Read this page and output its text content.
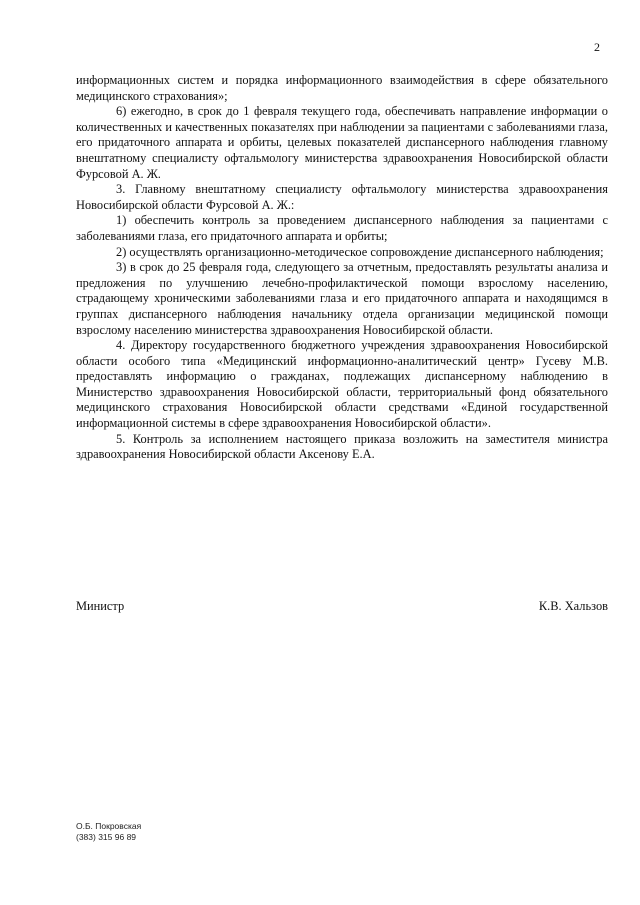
2

информационных систем и порядка информационного взаимодействия в сфере обязательного медицинского страхования»;

6) ежегодно, в срок до 1 февраля текущего года, обеспечивать направление информации о количественных и качественных показателях при наблюдении за пациентами с заболеваниями глаза, его придаточного аппарата и орбиты, целевых показателей диспансерного наблюдения главному внештатному специалисту офтальмологу министерства здравоохранения Новосибирской области Фурсовой А. Ж.

3. Главному внештатному специалисту офтальмологу министерства здравоохранения Новосибирской области Фурсовой А. Ж.:

1) обеспечить контроль за проведением диспансерного наблюдения за пациентами с заболеваниями глаза, его придаточного аппарата и орбиты;

2) осуществлять организационно-методическое сопровождение диспансерного наблюдения;

3) в срок до 25 февраля года, следующего за отчетным, предоставлять результаты анализа и предложения по улучшению лечебно-профилактической помощи взрослому населению, страдающему хроническими заболеваниями глаза и его придаточного аппарата и находящимся в группах диспансерного наблюдения начальнику отдела организации медицинской помощи взрослому населению министерства здравоохранения Новосибирской области.

4. Директору государственного бюджетного учреждения здравоохранения Новосибирской области особого типа «Медицинский информационно-аналитический центр» Гусеву М.В. предоставлять информацию о гражданах, подлежащих диспансерному наблюдению в Министерство здравоохранения Новосибирской области, территориальный фонд обязательного медицинского страхования Новосибирской области средствами «Единой государственной информационной системы в сфере здравоохранения Новосибирской области».

5. Контроль за исполнением настоящего приказа возложить на заместителя министра здравоохранения Новосибирской области Аксенову Е.А.

Министр	К.В. Хальзов
О.Б. Покровская
(383) 315 96 89
